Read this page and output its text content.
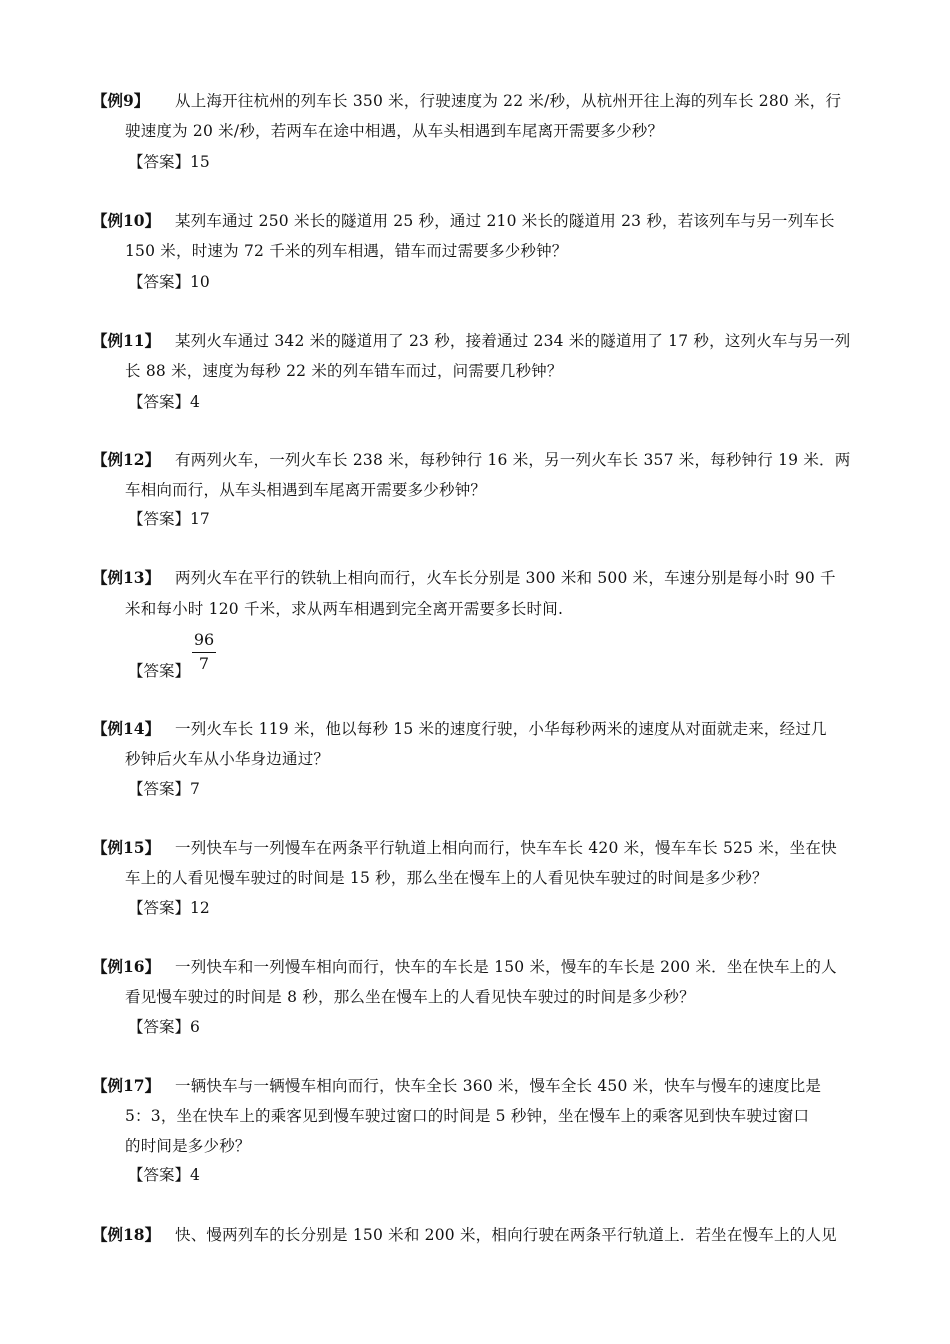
【例9】 从上海开往杭州的列车长 350 米，行驶速度为 22 米/秒，从杭州开往上海的列车长 280 米，行
驶速度为 20 米/秒，若两车在途中相遇，从车头相遇到车尾离开需要多少秒？
【答案】15
【例10】 某列车通过 250 米长的隧道用 25 秒，通过 210 米长的隧道用 23 秒，若该列车与另一列车长
150 米，时速为 72 千米的列车相遇，错车而过需要多少秒钟？
【答案】10
【例11】 某列火车通过 342 米的隧道用了 23 秒，接着通过 234 米的隧道用了 17 秒，这列火车与另一列
长 88 米，速度为每秒 22 米的列车错车而过，问需要几秒钟？
【答案】4
【例12】 有两列火车，一列火车长 238 米，每秒钟行 16 米，另一列火车长 357 米，每秒钟行 19 米．两
车相向而行，从车头相遇到车尾离开需要多少秒钟？
【答案】17
【例13】 两列火车在平行的铁轨上相向而行，火车长分别是 300 米和 500 米，车速分别是每小时 90 千
米和每小时 120 千米，求从两车相遇到完全离开需要多长时间.
【答案】
96
7
【例14】 一列火车长 119 米，他以每秒 15 米的速度行驶，小华每秒两米的速度从对面就走来，经过几
秒钟后火车从小华身边通过？
【答案】7
【例15】 一列快车与一列慢车在两条平行轨道上相向而行，快车车长 420 米，慢车车长 525 米，坐在快
车上的人看见慢车驶过的时间是 15 秒，那么坐在慢车上的人看见快车驶过的时间是多少秒？
【答案】12
【例16】 一列快车和一列慢车相向而行，快车的车长是 150 米，慢车的车长是 200 米．坐在快车上的人
看见慢车驶过的时间是 8 秒，那么坐在慢车上的人看见快车驶过的时间是多少秒？
【答案】6
【例17】 一辆快车与一辆慢车相向而行，快车全长 360 米，慢车全长 450 米，快车与慢车的速度比是
5：3，坐在快车上的乘客见到慢车驶过窗口的时间是 5 秒钟，坐在慢车上的乘客见到快车驶过窗口
的时间是多少秒？
【答案】4
【例18】 快、慢两列车的长分别是 150 米和 200 米，相向行驶在两条平行轨道上．若坐在慢车上的人见
